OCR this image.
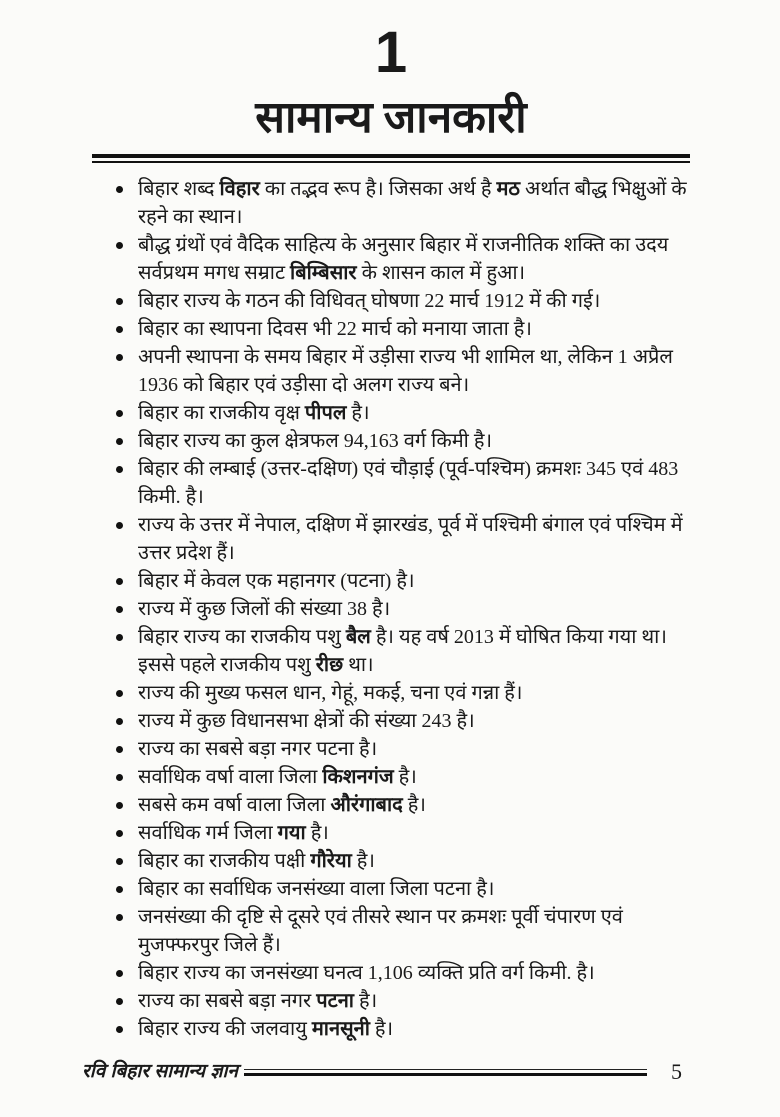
1
सामान्य जानकारी
बिहार शब्द विहार का तद्भव रूप है। जिसका अर्थ है मठ अर्थात बौद्ध भिक्षुओं के रहने का स्थान।
बौद्ध ग्रंथों एवं वैदिक साहित्य के अनुसार बिहार में राजनीतिक शक्ति का उदय सर्वप्रथम मगध सम्राट बिम्बिसार के शासन काल में हुआ।
बिहार राज्य के गठन की विधिवत् घोषणा 22 मार्च 1912 में की गई।
बिहार का स्थापना दिवस भी 22 मार्च को मनाया जाता है।
अपनी स्थापना के समय बिहार में उड़ीसा राज्य भी शामिल था, लेकिन 1 अप्रैल 1936 को बिहार एवं उड़ीसा दो अलग राज्य बने।
बिहार का राजकीय वृक्ष पीपल है।
बिहार राज्य का कुल क्षेत्रफल 94,163 वर्ग किमी है।
बिहार की लम्बाई (उत्तर-दक्षिण) एवं चौड़ाई (पूर्व-पश्चिम) क्रमशः 345 एवं 483 किमी. है।
राज्य के उत्तर में नेपाल, दक्षिण में झारखंड, पूर्व में पश्चिमी बंगाल एवं पश्चिम में उत्तर प्रदेश हैं।
बिहार में केवल एक महानगर (पटना) है।
राज्य में कुछ जिलों की संख्या 38 है।
बिहार राज्य का राजकीय पशु बैल है। यह वर्ष 2013 में घोषित किया गया था। इससे पहले राजकीय पशु रीछ था।
राज्य की मुख्य फसल धान, गेहूं, मकई, चना एवं गन्ना हैं।
राज्य में कुछ विधानसभा क्षेत्रों की संख्या 243 है।
राज्य का सबसे बड़ा नगर पटना है।
सर्वाधिक वर्षा वाला जिला किशनगंज है।
सबसे कम वर्षा वाला जिला औरंगाबाद है।
सर्वाधिक गर्म जिला गया है।
बिहार का राजकीय पक्षी गौरेया है।
बिहार का सर्वाधिक जनसंख्या वाला जिला पटना है।
जनसंख्या की दृष्टि से दूसरे एवं तीसरे स्थान पर क्रमशः पूर्वी चंपारण एवं मुजफ्फरपुर जिले हैं।
बिहार राज्य का जनसंख्या घनत्व 1,106 व्यक्ति प्रति वर्ग किमी. है।
राज्य का सबसे बड़ा नगर पटना है।
बिहार राज्य की जलवायु मानसूनी है।
रवि बिहार सामान्य ज्ञान	5
